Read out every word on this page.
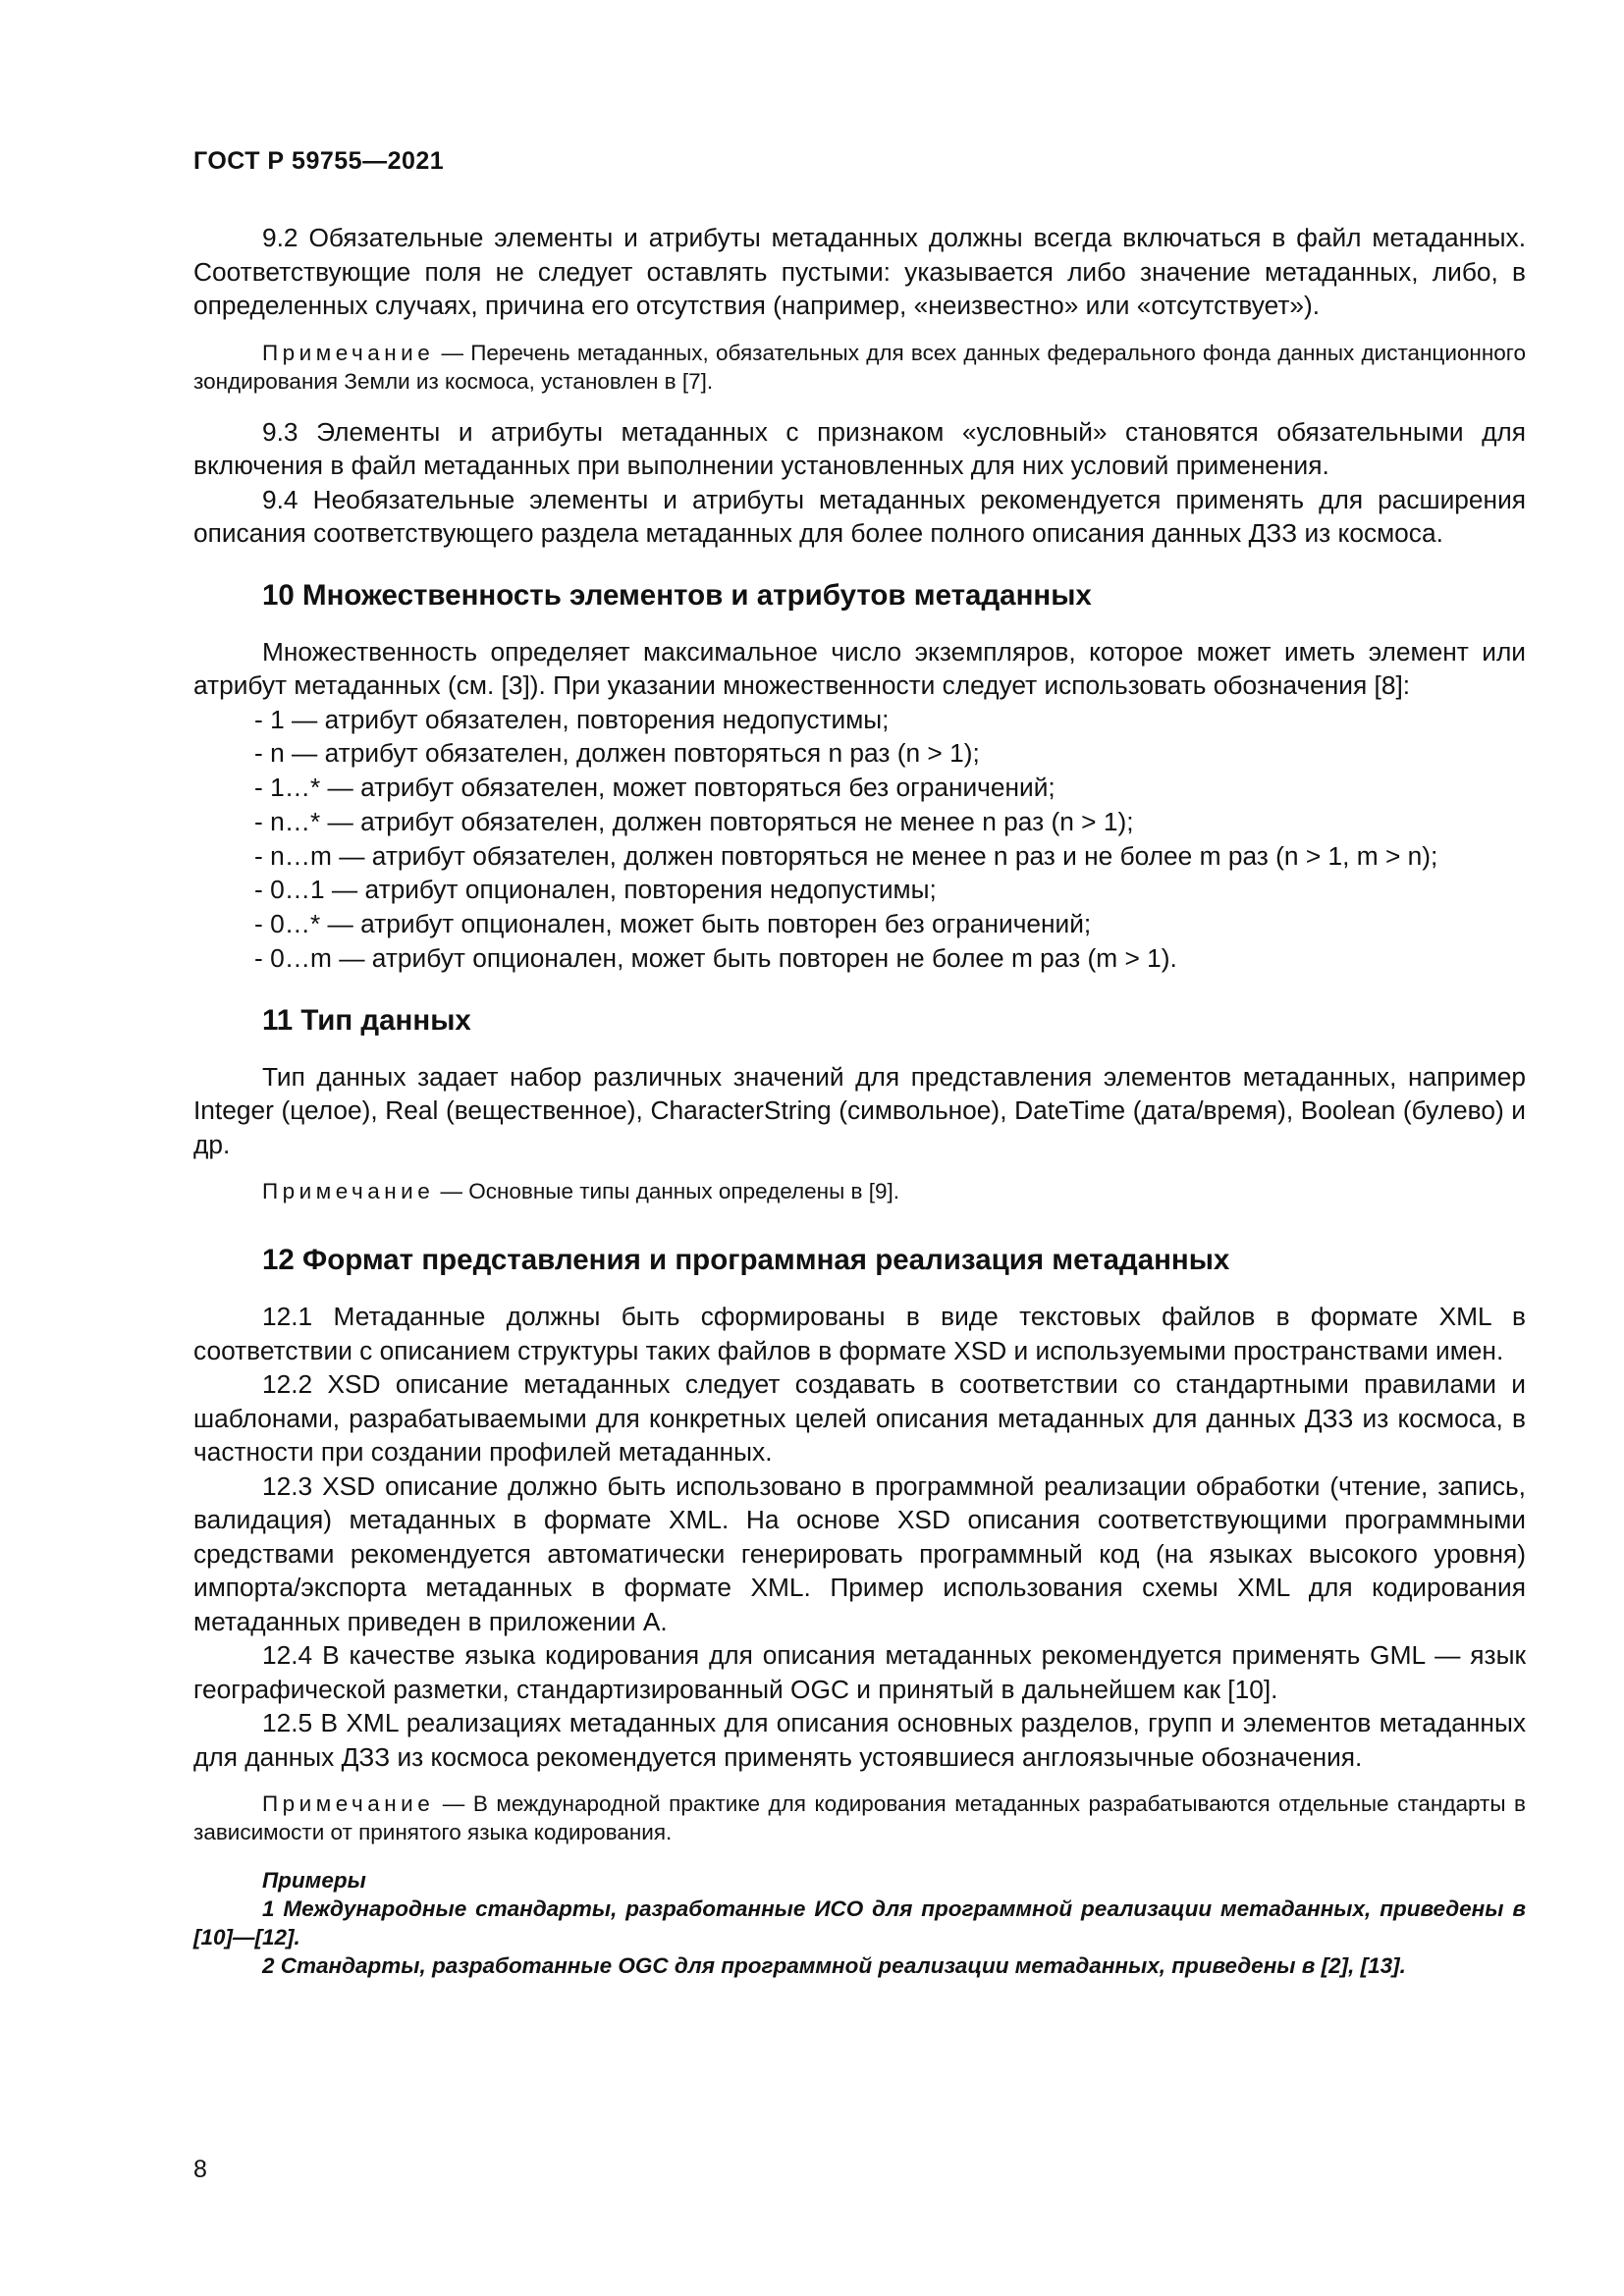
ГОСТ Р 59755—2021

9.2 Обязательные элементы и атрибуты метаданных должны всегда включаться в файл метаданных. Соответствующие поля не следует оставлять пустыми: указывается либо значение метаданных, либо, в определенных случаях, причина его отсутствия (например, «неизвестно» или «отсутствует»).

Примечание — Перечень метаданных, обязательных для всех данных федерального фонда данных дистанционного зондирования Земли из космоса, установлен в [7].

9.3 Элементы и атрибуты метаданных с признаком «условный» становятся обязательными для включения в файл метаданных при выполнении установленных для них условий применения.

9.4 Необязательные элементы и атрибуты метаданных рекомендуется применять для расширения описания соответствующего раздела метаданных для более полного описания данных ДЗЗ из космоса.

10 Множественность элементов и атрибутов метаданных

Множественность определяет максимальное число экземпляров, которое может иметь элемент или атрибут метаданных (см. [3]). При указании множественности следует использовать обозначения [8]:

- 1 — атрибут обязателен, повторения недопустимы;
- n — атрибут обязателен, должен повторяться n раз (n > 1);
- 1…* — атрибут обязателен, может повторяться без ограничений;
- n…* — атрибут обязателен, должен повторяться не менее n раз (n > 1);
- n…m — атрибут обязателен, должен повторяться не менее n раз и не более m раз (n > 1, m > n);
- 0…1 — атрибут опционален, повторения недопустимы;
- 0…* — атрибут опционален, может быть повторен без ограничений;
- 0…m — атрибут опционален, может быть повторен не более m раз (m > 1).
11 Тип данных

Тип данных задает набор различных значений для представления элементов метаданных, например Integer (целое), Real (вещественное), CharacterString (символьное), DateTime (дата/время), Boolean (булево) и др.

Примечание — Основные типы данных определены в [9].

12 Формат представления и программная реализация метаданных

12.1 Метаданные должны быть сформированы в виде текстовых файлов в формате XML в соответствии с описанием структуры таких файлов в формате XSD и используемыми пространствами имен.

12.2 XSD описание метаданных следует создавать в соответствии со стандартными правилами и шаблонами, разрабатываемыми для конкретных целей описания метаданных для данных ДЗЗ из космоса, в частности при создании профилей метаданных.

12.3 XSD описание должно быть использовано в программной реализации обработки (чтение, запись, валидация) метаданных в формате XML. На основе XSD описания соответствующими программными средствами рекомендуется автоматически генерировать программный код (на языках высокого уровня) импорта/экспорта метаданных в формате XML. Пример использования схемы XML для кодирования метаданных приведен в приложении А.

12.4 В качестве языка кодирования для описания метаданных рекомендуется применять GML — язык географической разметки, стандартизированный OGC и принятый в дальнейшем как [10].

12.5 В XML реализациях метаданных для описания основных разделов, групп и элементов метаданных для данных ДЗЗ из космоса рекомендуется применять устоявшиеся англоязычные обозначения.

Примечание — В международной практике для кодирования метаданных разрабатываются отдельные стандарты в зависимости от принятого языка кодирования.

Примеры

1 Международные стандарты, разработанные ИСО для программной реализации метаданных, приведены в [10]—[12].

2 Стандарты, разработанные OGC для программной реализации метаданных, приведены в [2], [13].

8
